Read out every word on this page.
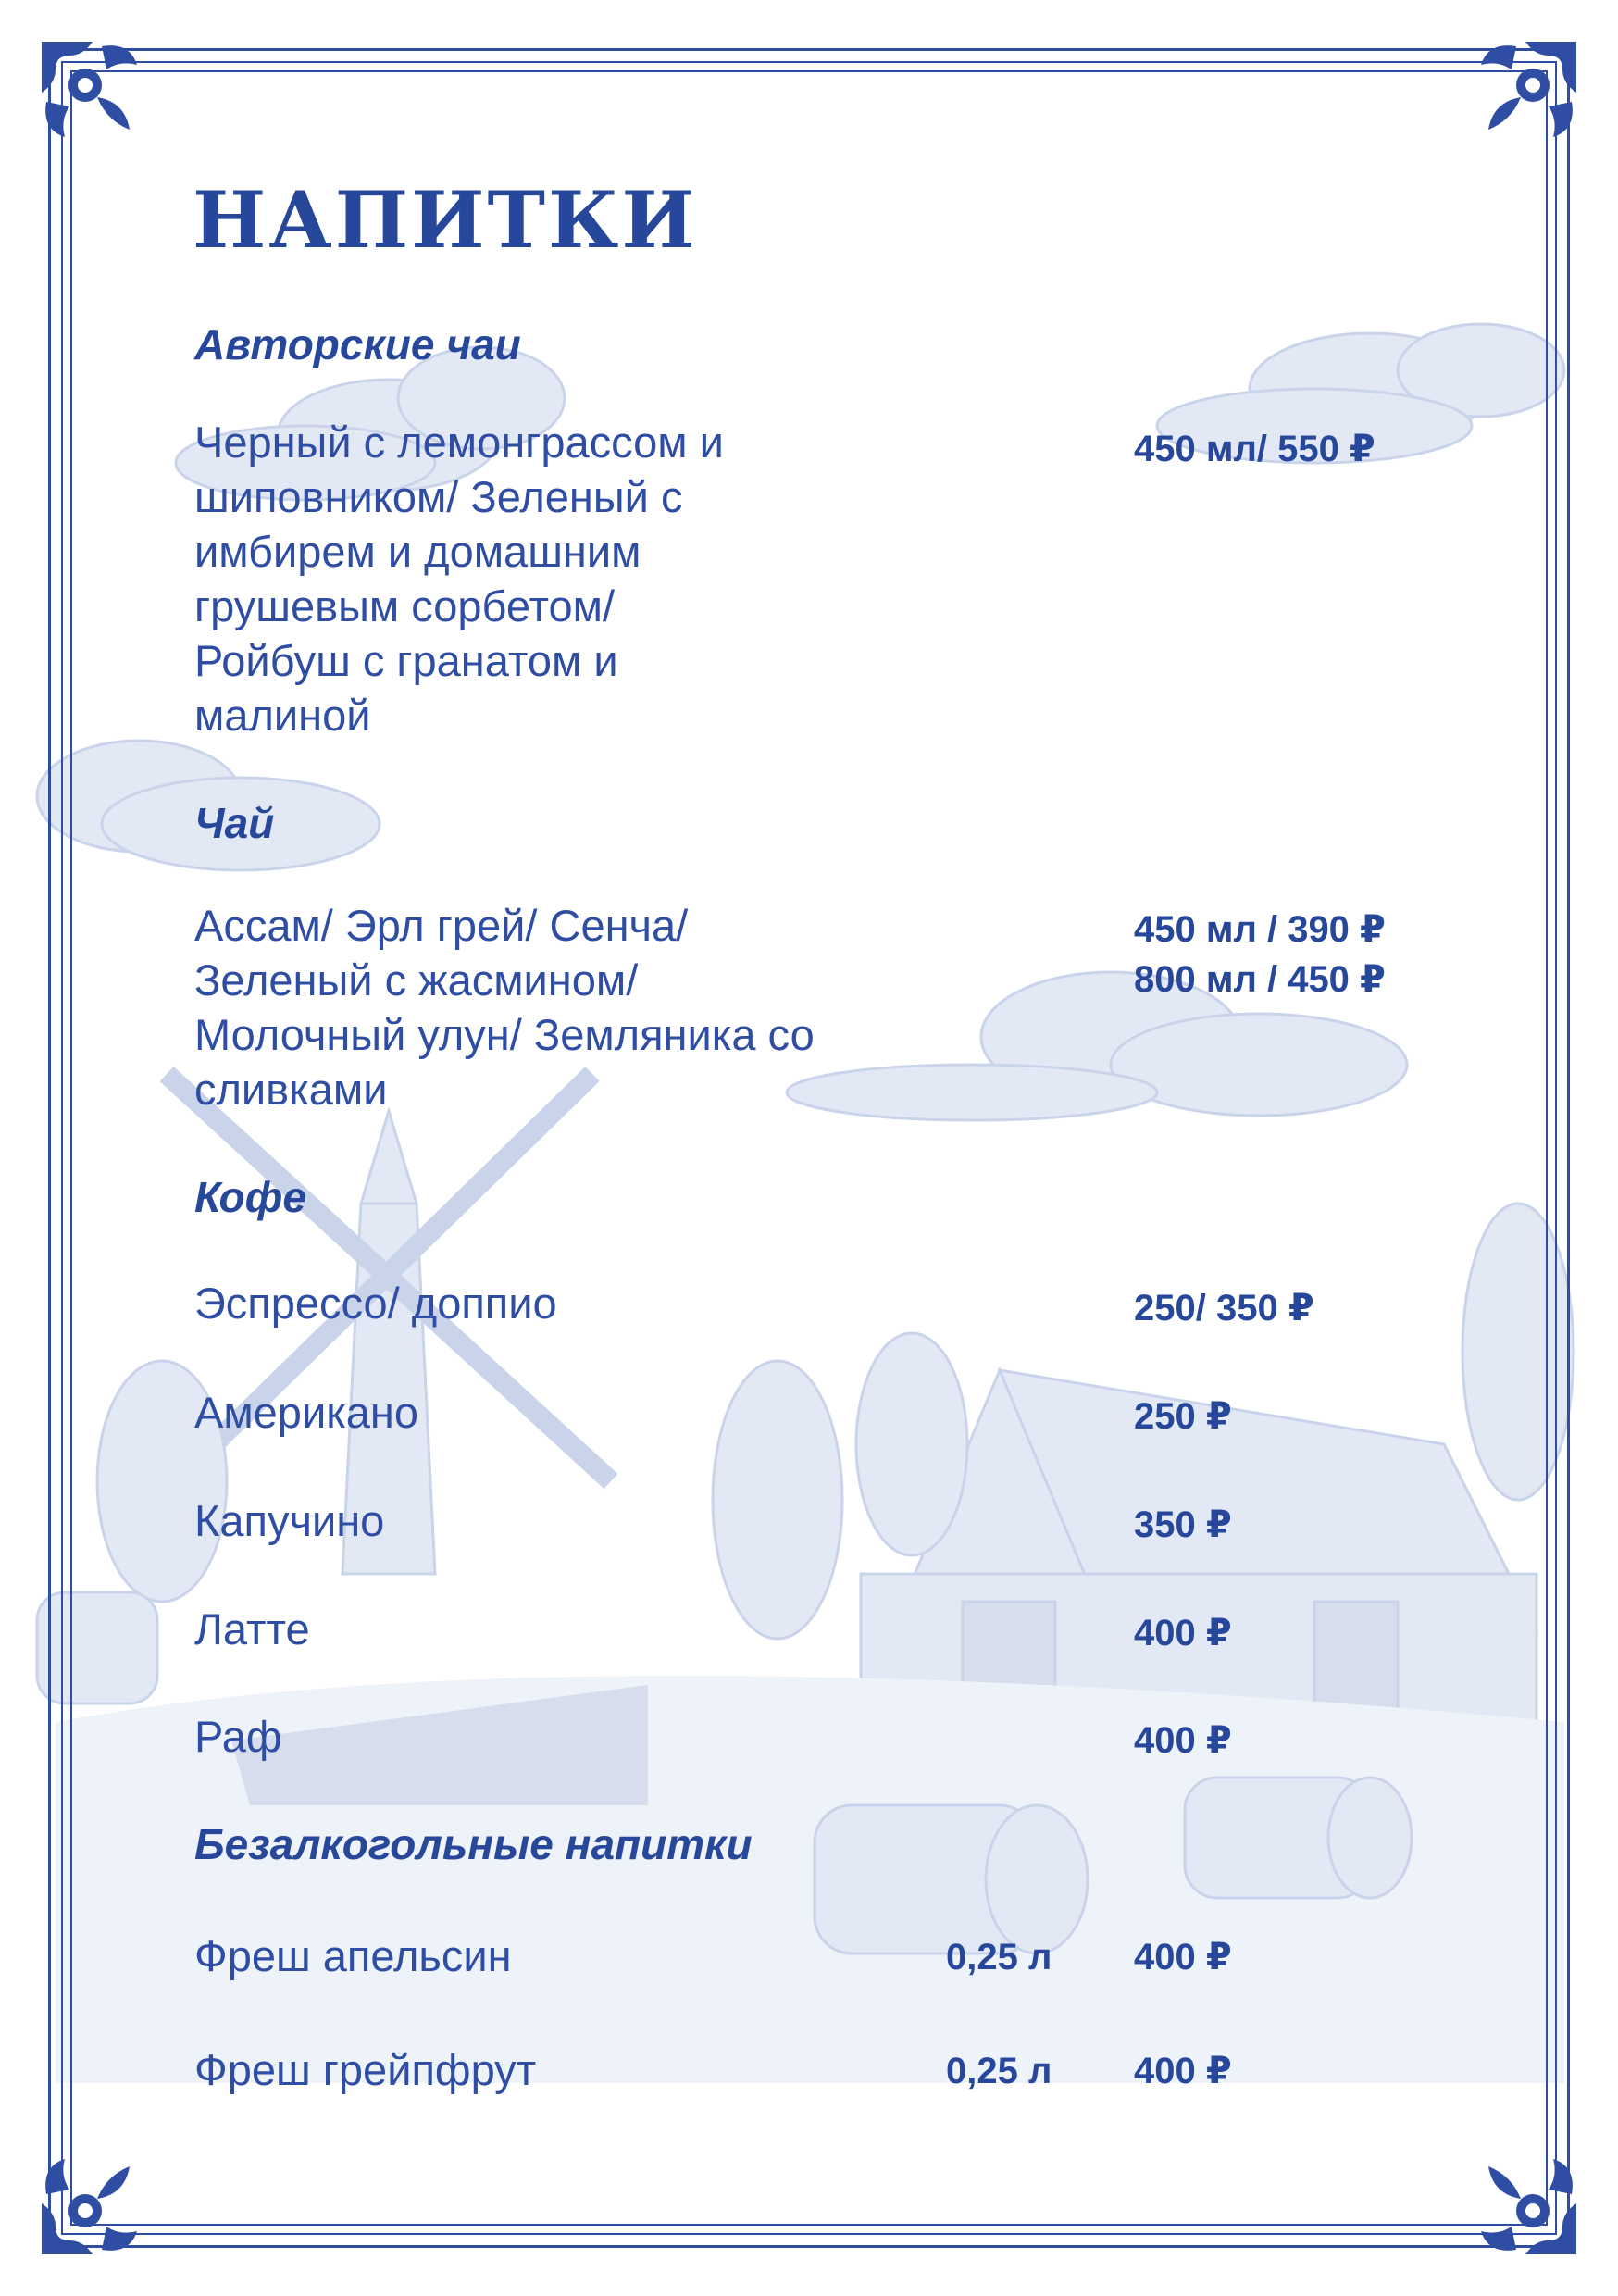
НАПИТКИ
Авторские чаи
Черный с лемонграссом и шиповником/ Зеленый с имбирем и домашним грушевым сорбетом/ Ройбуш с гранатом и малиной
450 мл/ 550 ₽
Чай
Ассам/ Эрл грей/ Сенча/ Зеленый с жасмином/ Молочный улун/ Земляника со сливками
450 мл / 390 ₽
800 мл / 450 ₽
Кофе
Эспрессо/ доппио	250/ 350 ₽
Американо	250 ₽
Капучино	350 ₽
Латте	400 ₽
Раф	400 ₽
Безалкогольные напитки
Фреш апельсин	0,25 л 400 ₽
Фреш грейпфрут	0,25 л 400 ₽
